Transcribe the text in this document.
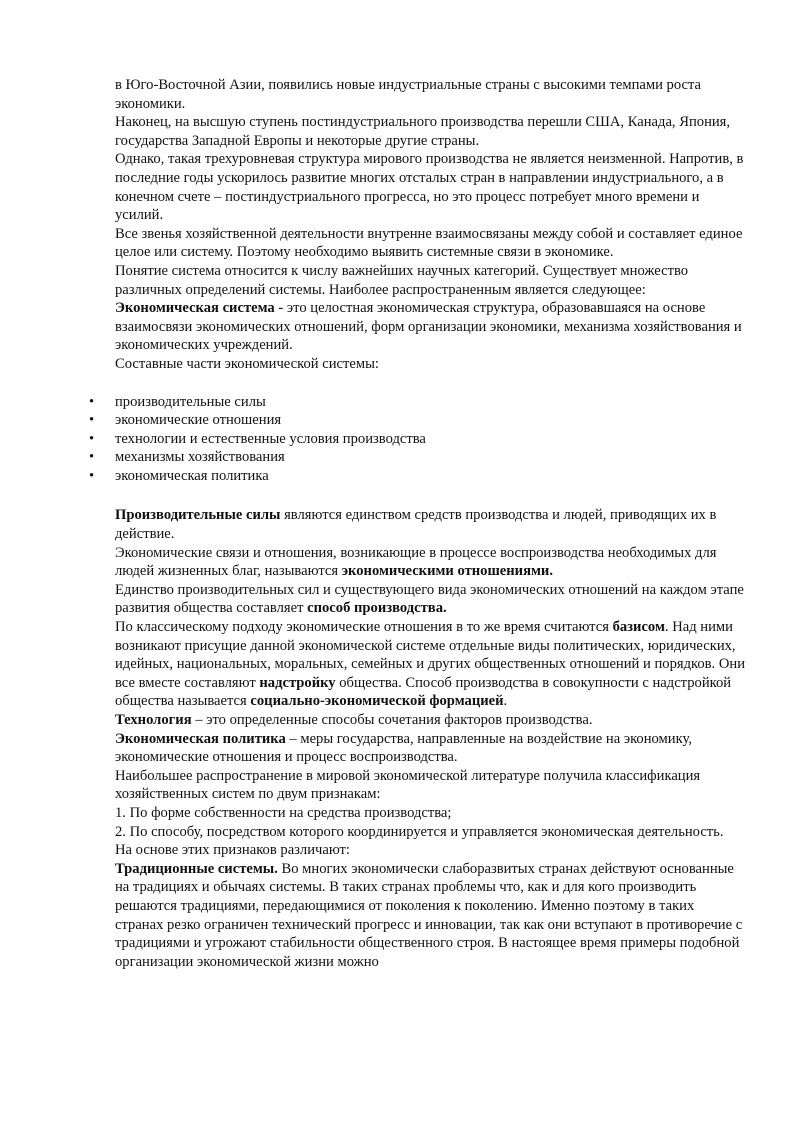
в Юго-Восточной Азии, появились новые индустриальные страны с высокими темпами роста экономики.

Наконец, на высшую ступень постиндустриального производства перешли США, Канада, Япония, государства Западной Европы и некоторые другие страны.

Однако, такая трехуровневая структура мирового производства не является неизменной. Напротив, в последние годы ускорилось развитие многих отсталых стран в направлении индустриального, а в конечном счете – постиндустриального прогресса, но это процесс потребует много времени и усилий.

Все звенья хозяйственной деятельности внутренне взаимосвязаны между собой и составляет единое целое или систему. Поэтому необходимо выявить системные связи в экономике.

Понятие система относится к числу важнейших научных категорий. Существует множество различных определений системы. Наиболее распространенным является следующее:

Экономическая система - это целостная экономическая структура, образовавшаяся на основе взаимосвязи экономических отношений, форм организации экономики, механизма хозяйствования и экономических учреждений.

Составные части экономической системы:

• производительные силы
• экономические отношения
• технологии и естественные условия производства
• механизмы хозяйствования
• экономическая политика

Производительные силы являются единством средств производства и людей, приводящих их в действие.

Экономические связи и отношения, возникающие в процессе воспроизводства необходимых для людей жизненных благ, называются экономическими отношениями.

Единство производительных сил и существующего вида экономических отношений на каждом этапе развития общества составляет способ производства.

По классическому подходу экономические отношения в то же время считаются базисом. Над ними возникают присущие данной экономической системе отдельные виды политических, юридических, идейных, национальных, моральных, семейных и других общественных отношений и порядков. Они все вместе составляют надстройку общества. Способ производства в совокупности с надстройкой общества называется социально-экономической формацией.

Технология – это определенные способы сочетания факторов производства.

Экономическая политика – меры государства, направленные на воздействие на экономику, экономические отношения и процесс воспроизводства.

Наибольшее распространение в мировой экономической литературе получила классификация хозяйственных систем по двум признакам:

1. По форме собственности на средства производства;

2. По способу, посредством которого координируется и управляется экономическая деятельность.

На основе этих признаков различают:

Традиционные системы. Во многих экономически слаборазвитых странах действуют основанные на традициях и обычаях системы. В таких странах проблемы что, как и для кого производить решаются традициями, передающимися от поколения к поколению. Именно поэтому в таких странах резко ограничен технический прогресс и инновации, так как они вступают в противоречие с традициями и угрожают стабильности общественного строя. В настоящее время примеры подобной организации экономической жизни можно
